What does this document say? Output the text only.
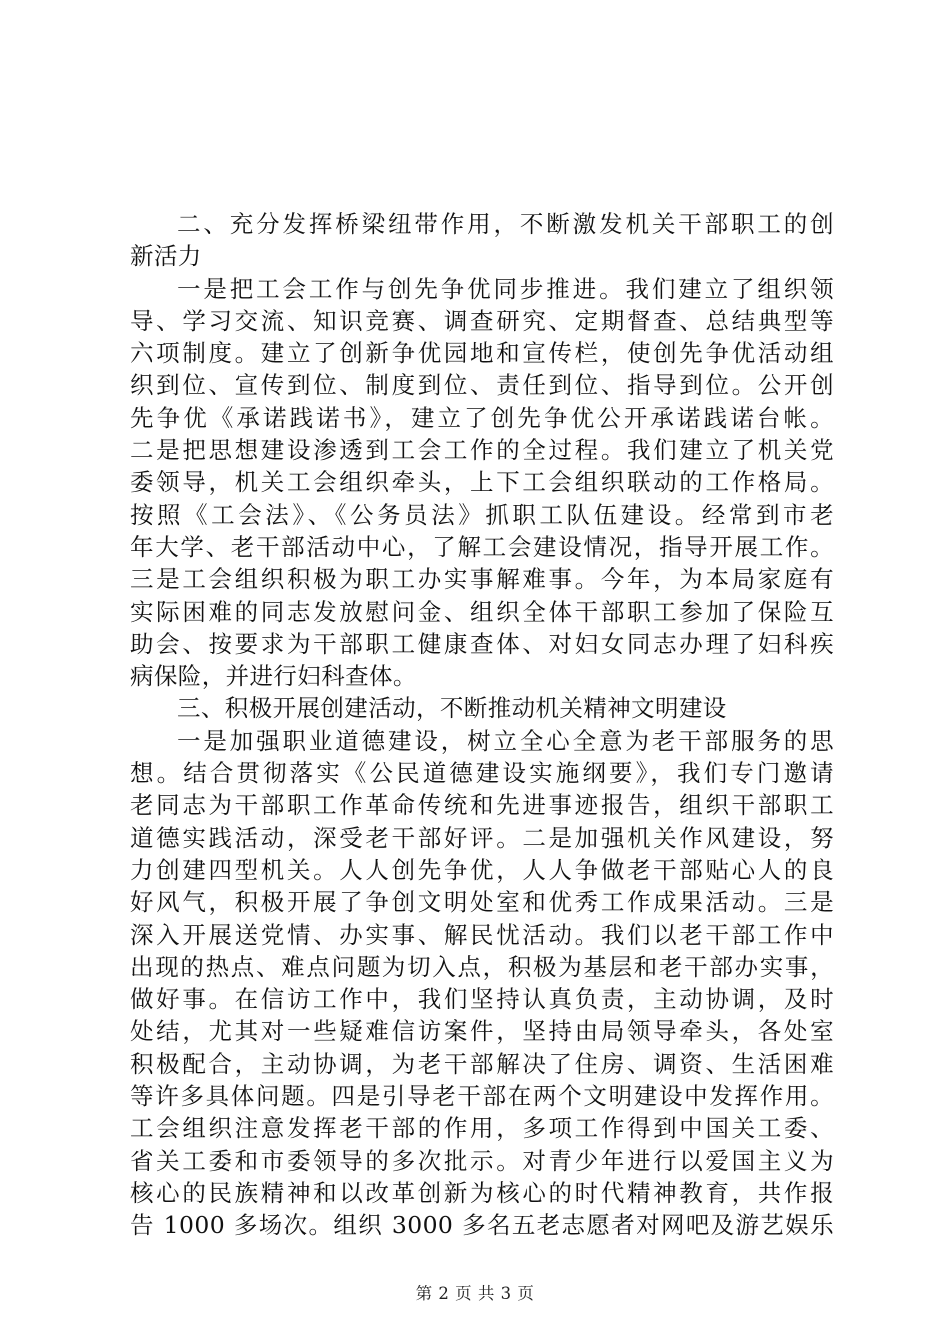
二、充分发挥桥梁纽带作用，不断激发机关干部职工的创
新活力
一是把工会工作与创先争优同步推进。我们建立了组织领
导、学习交流、知识竞赛、调查研究、定期督查、总结典型等
六项制度。建立了创新争优园地和宣传栏，使创先争优活动组
织到位、宣传到位、制度到位、责任到位、指导到位。公开创
先争优《承诺践诺书》，建立了创先争优公开承诺践诺台帐。
二是把思想建设渗透到工会工作的全过程。我们建立了机关党
委领导，机关工会组织牵头，上下工会组织联动的工作格局。
按照《工会法》、《公务员法》抓职工队伍建设。经常到市老
年大学、老干部活动中心，了解工会建设情况，指导开展工作。
三是工会组织积极为职工办实事解难事。今年，为本局家庭有
实际困难的同志发放慰问金、组织全体干部职工参加了保险互
助会、按要求为干部职工健康查体、对妇女同志办理了妇科疾
病保险，并进行妇科查体。
三、积极开展创建活动，不断推动机关精神文明建设
一是加强职业道德建设，树立全心全意为老干部服务的思
想。结合贯彻落实《公民道德建设实施纲要》，我们专门邀请
老同志为干部职工作革命传统和先进事迹报告，组织干部职工
道德实践活动，深受老干部好评。二是加强机关作风建设，努
力创建四型机关。人人创先争优，人人争做老干部贴心人的良
好风气，积极开展了争创文明处室和优秀工作成果活动。三是
深入开展送党情、办实事、解民忧活动。我们以老干部工作中
出现的热点、难点问题为切入点，积极为基层和老干部办实事，
做好事。在信访工作中，我们坚持认真负责，主动协调，及时
处结，尤其对一些疑难信访案件，坚持由局领导牵头，各处室
积极配合，主动协调，为老干部解决了住房、调资、生活困难
等许多具体问题。四是引导老干部在两个文明建设中发挥作用。
工会组织注意发挥老干部的作用，多项工作得到中国关工委、
省关工委和市委领导的多次批示。对青少年进行以爱国主义为
核心的民族精神和以改革创新为核心的时代精神教育，共作报
告 1000 多场次。组织 3000 多名五老志愿者对网吧及游艺娱乐
第 2 页 共 3 页
